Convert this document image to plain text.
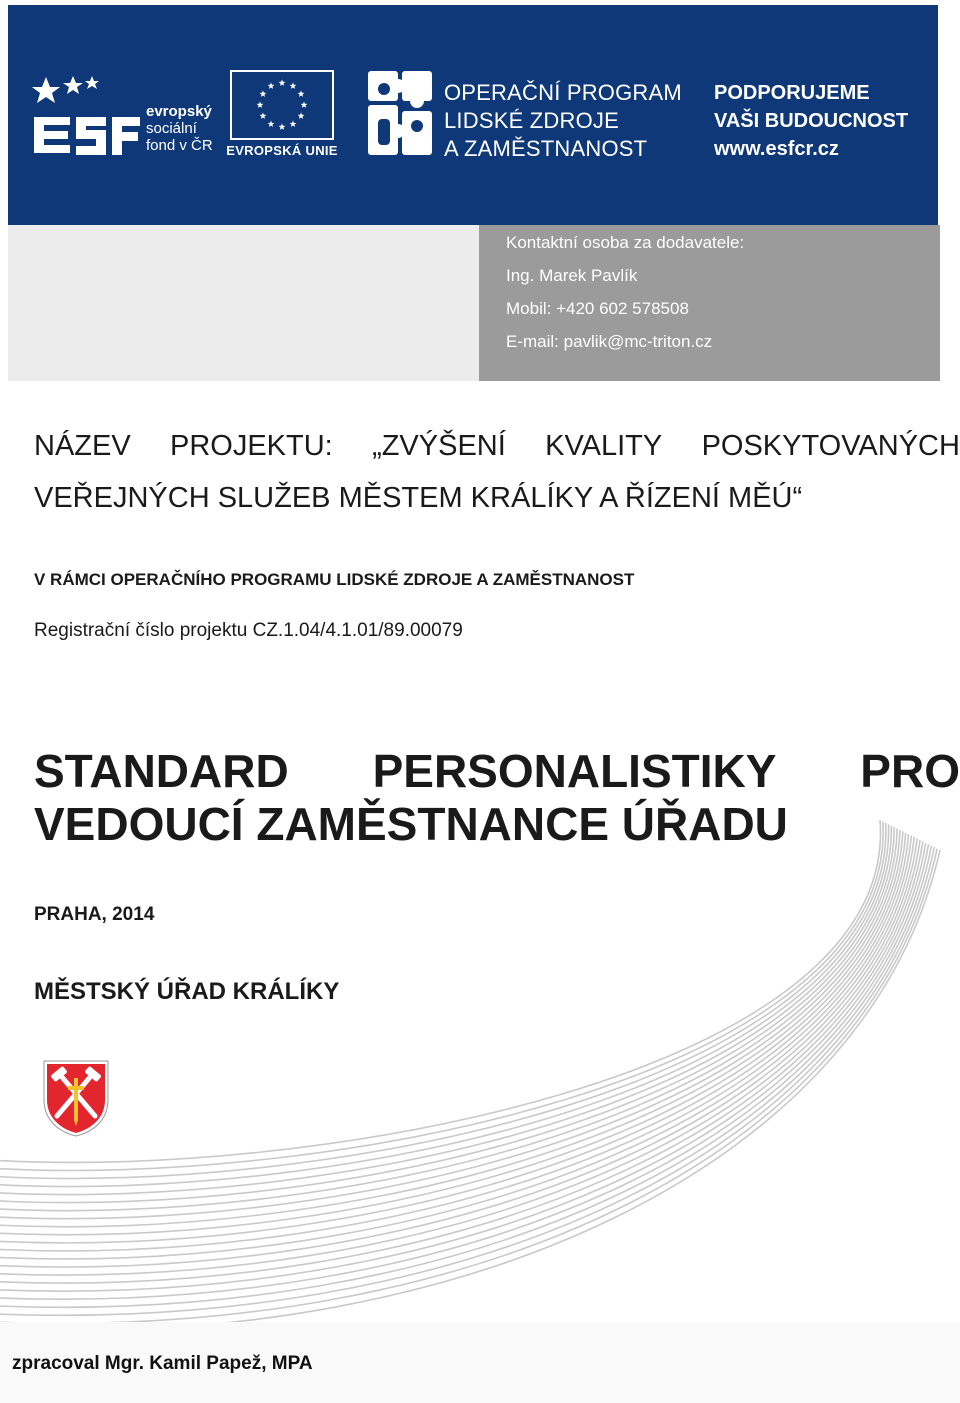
evropský
sociální
fond v ČR EVROPSKÁ UNIE
OPERAČNÍ PROGRAM
LIDSKÉ ZDROJE
A ZAMĚSTNANOST
PODPORUJEME
VAŠI BUDOUCNOST
www.esfcr.cz
Kontaktní osoba za dodavatele:
Ing. Marek Pavlík
Mobil: +420 602 578508
E-mail: pavlik@mc-triton.cz
NÁZEV PROJEKTU: „ZVÝŠENÍ KVALITY POSKYTOVANÝCH
VEŘEJNÝCH SLUŽEB MĚSTEM KRÁLÍKY A ŘÍZENÍ MĚÚ“
V RÁMCI OPERAČNÍHO PROGRAMU LIDSKÉ ZDROJE A ZAMĚSTNANOST
Registrační číslo projektu CZ.1.04/4.1.01/89.00079
STANDARD PERSONALISTIKY PRO
VEDOUCÍ ZAMĚSTNANCE ÚŘADU
PRAHA, 2014
MĚSTSKÝ ÚŘAD KRÁLÍKY
zpracoval Mgr. Kamil Papež, MPA
